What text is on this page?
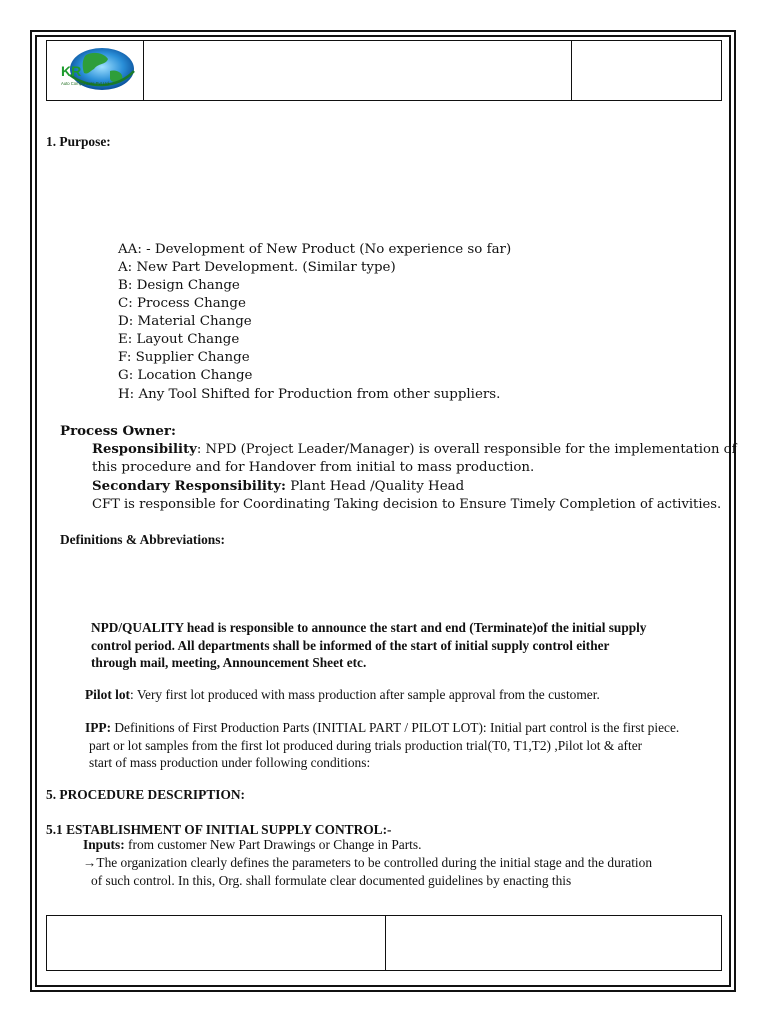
KR
Auto Components Pvt Ltd
1. Purpose:
AA: - Development of New Product (No experience so far)
A: New Part Development. (Similar type)
B: Design Change
C: Process Change
D: Material Change
E: Layout Change
F: Supplier Change
G: Location Change
H: Any Tool Shifted for Production from other suppliers.
Process Owner:
Responsibility: NPD (Project Leader/Manager) is overall responsible for the implementation of
this procedure and for Handover from initial to mass production.
Secondary Responsibility: Plant Head /Quality Head
CFT is responsible for Coordinating Taking decision to Ensure Timely Completion of activities.
Definitions & Abbreviations:
NPD/QUALITY head is responsible to announce the start and end (Terminate)of the initial supply
control period. All departments shall be informed of the start of initial supply control either
through mail, meeting, Announcement Sheet etc.
Pilot lot: Very first lot produced with mass production after sample approval from the customer.
IPP: Definitions of First Production Parts (INITIAL PART / PILOT LOT): Initial part control is the first piece.
part or lot samples from the first lot produced during trials production trial(T0, T1,T2) ,Pilot lot & after
start of mass production under following conditions:
5. PROCEDURE DESCRIPTION:
5.1 ESTABLISHMENT OF INITIAL SUPPLY CONTROL:-
Inputs: from customer New Part Drawings or Change in Parts.
→The organization clearly defines the parameters to be controlled during the initial stage and the duration
of such control. In this, Org. shall formulate clear documented guidelines by enacting this
